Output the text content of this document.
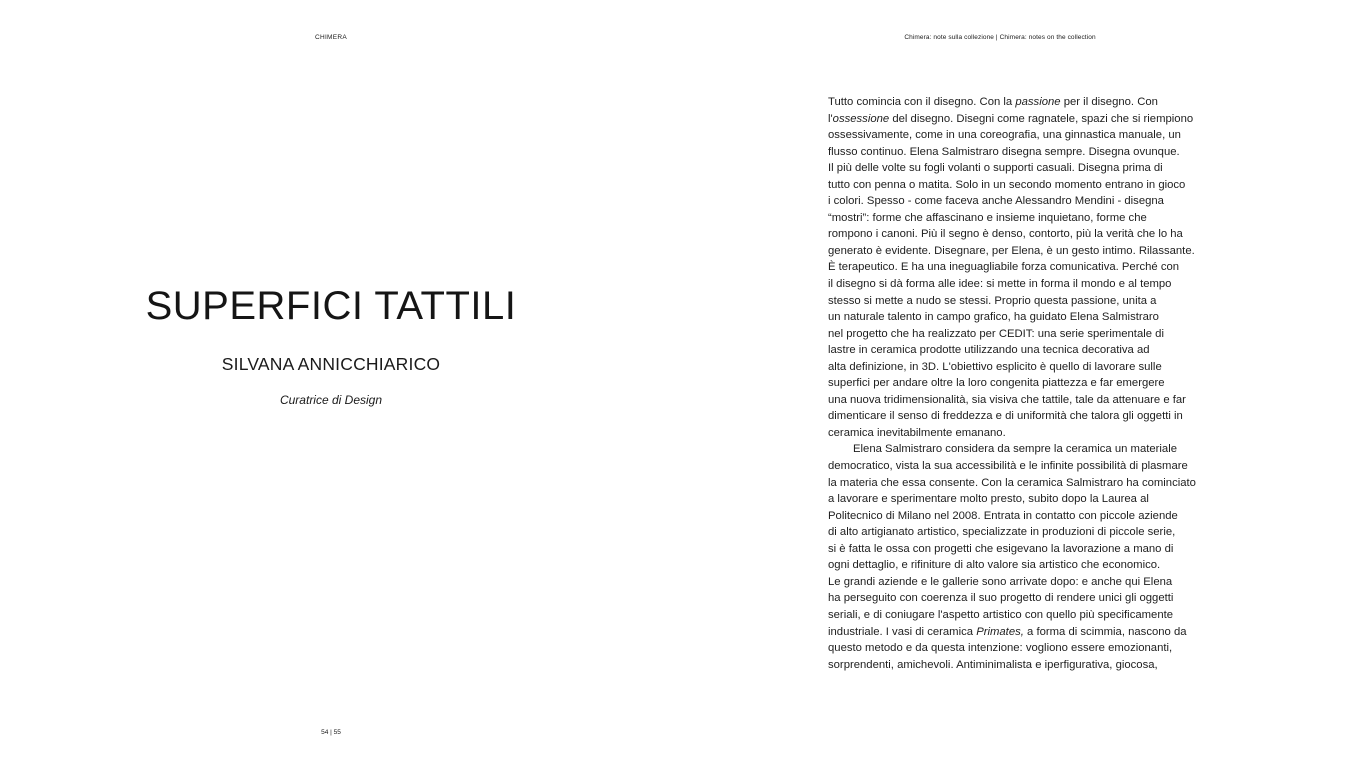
CHIMERA
SUPERFICI TATTILI
SILVANA ANNICCHIARICO
Curatrice di Design
54 | 55
Chimera: note sulla collezione | Chimera: notes on the collection
Tutto comincia con il disegno. Con la passione per il disegno. Con
l'ossessione del disegno. Disegni come ragnatele, spazi che si riempiono
ossessivamente, come in una coreografia, una ginnastica manuale, un
flusso continuo. Elena Salmistraro disegna sempre. Disegna ovunque.
Il più delle volte su fogli volanti o supporti casuali. Disegna prima di
tutto con penna o matita. Solo in un secondo momento entrano in gioco
i colori. Spesso - come faceva anche Alessandro Mendini - disegna
“mostri”: forme che affascinano e insieme inquietano, forme che
rompono i canoni. Più il segno è denso, contorto, più la verità che lo ha
generato è evidente. Disegnare, per Elena, è un gesto intimo. Rilassante.
È terapeutico. E ha una ineguagliabile forza comunicativa. Perché con
il disegno si dà forma alle idee: si mette in forma il mondo e al tempo
stesso si mette a nudo se stessi. Proprio questa passione, unita a
un naturale talento in campo grafico, ha guidato Elena Salmistraro
nel progetto che ha realizzato per CEDIT: una serie sperimentale di
lastre in ceramica prodotte utilizzando una tecnica decorativa ad
alta definizione, in 3D. L'obiettivo esplicito è quello di lavorare sulle
superfici per andare oltre la loro congenita piattezza e far emergere
una nuova tridimensionalità, sia visiva che tattile, tale da attenuare e far
dimenticare il senso di freddezza e di uniformità che talora gli oggetti in
ceramica inevitabilmente emanano.
Elena Salmistraro considera da sempre la ceramica un materiale
democratico, vista la sua accessibilità e le infinite possibilità di plasmare
la materia che essa consente. Con la ceramica Salmistraro ha cominciato
a lavorare e sperimentare molto presto, subito dopo la Laurea al
Politecnico di Milano nel 2008. Entrata in contatto con piccole aziende
di alto artigianato artistico, specializzate in produzioni di piccole serie,
si è fatta le ossa con progetti che esigevano la lavorazione a mano di
ogni dettaglio, e rifiniture di alto valore sia artistico che economico.
Le grandi aziende e le gallerie sono arrivate dopo: e anche qui Elena
ha perseguito con coerenza il suo progetto di rendere unici gli oggetti
seriali, e di coniugare l'aspetto artistico con quello più specificamente
industriale. I vasi di ceramica Primates, a forma di scimmia, nascono da
questo metodo e da questa intenzione: vogliono essere emozionanti,
sorprendenti, amichevoli. Antiminimalista e iperfigurativa, giocosa,
